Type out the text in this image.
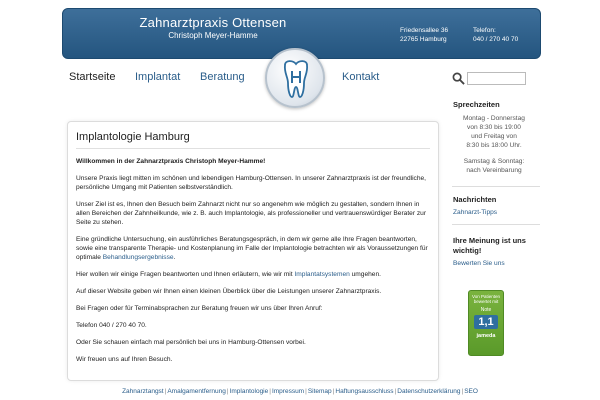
Zahnarztpraxis Ottensen
Christoph Meyer-Hamme
Friedensallee 36
22765 Hamburg
Telefon:
040 / 270 40 70
Startseite Implantat Beratung	Kontakt
Implantologie Hamburg

Willkommen in der Zahnarztpraxis Christoph Meyer-Hamme!

Unsere Praxis liegt mitten im schönen und lebendigen Hamburg-Ottensen. In unserer Zahnarztpraxis ist der freundliche, persönliche Umgang mit Patienten selbstverständlich.

Unser Ziel ist es, Ihnen den Besuch beim Zahnarzt nicht nur so angenehm wie möglich zu gestalten, sondern Ihnen in allen Bereichen der Zahnheilkunde, wie z. B. auch Implantologie, als professioneller und vertrauenswürdiger Berater zur Seite zu stehen.

Eine gründliche Untersuchung, ein ausführliches Beratungsgespräch, in dem wir gerne alle Ihre Fragen beantworten, sowie eine transparente Therapie- und Kostenplanung im Falle der Implantologie betrachten wir als Voraussetzungen für optimale Behandlungsergebnisse.

Hier wollen wir einige Fragen beantworten und Ihnen erläutern, wie wir mit Implantatsystemen umgehen.

Auf dieser Website geben wir Ihnen einen kleinen Überblick über die Leistungen unserer Zahnarztpraxis.

Bei Fragen oder für Terminabsprachen zur Beratung freuen wir uns über Ihren Anruf:

Telefon 040 / 270 40 70.

Oder Sie schauen einfach mal persönlich bei uns in Hamburg-Ottensen vorbei.

Wir freuen uns auf Ihren Besuch.

Sprechzeiten
Montag - Donnerstag
von 8:30 bis 19:00
und Freitag von
8:30 bis 18:00 Uhr.
Samstag & Sonntag:
nach Vereinbarung
Nachrichten
Zahnarzt-Tipps
Ihre Meinung ist uns
wichtig!
Bewerten Sie uns
Von Patienten
bewertet mit
Note
1,1
jameda
Zahnarztangst|Amalgamentfernung|Implantologie|Impressum|Sitemap|Haftungsausschluss|Datenschutzerklärung|SEO
